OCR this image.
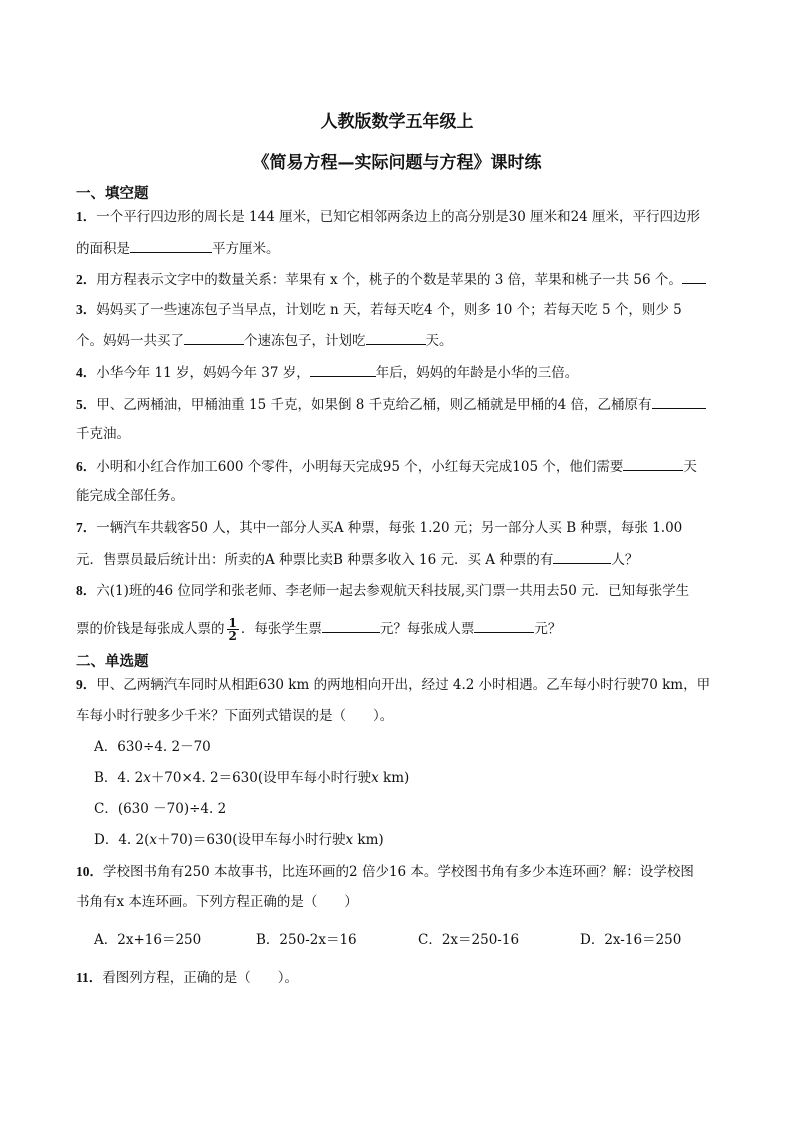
人教版数学五年级上
《简易方程—实际问题与方程》课时练
一、填空题
1．一个平行四边形的周长是 144 厘米，已知它相邻两条边上的高分别是30 厘米和24 厘米，平行四边形
的面积是	平方厘米。
2．用方程表示文字中的数量关系：苹果有 x 个，桃子的个数是苹果的 3 倍，苹果和桃子一共 56 个。
3．妈妈买了一些速冻包子当早点，计划吃 n 天，若每天吃4 个，则多 10 个；若每天吃 5 个，则少 5
个。妈妈一共买了	个速冻包子，计划吃	天。
4．小华今年 11 岁，妈妈今年 37 岁，	年后，妈妈的年龄是小华的三倍。
5．甲、乙两桶油，甲桶油重 15 千克，如果倒 8 千克给乙桶，则乙桶就是甲桶的4 倍，乙桶原有
千克油。
6．小明和小红合作加工600 个零件，小明每天完成95 个，小红每天完成105 个，他们需要	天
能完成全部任务。
7．一辆汽车共载客50 人，其中一部分人买A 种票，每张 1.20 元；另一部分人买 B 种票，每张 1.00
元．售票员最后统计出：所卖的A 种票比卖B 种票多收入 16 元．买 A 种票的有	人？
8．六(1)班的46 位同学和张老师、李老师一起去参观航天科技展,买门票一共用去50 元．已知每张学生
票的价钱是每张成人票的 $\frac{1}{2}$ ．每张学生票	元？每张成人票	元？
二、单选题
9．甲、乙两辆汽车同时从相距630 km 的两地相向开出，经过 4.2 小时相遇。乙车每小时行驶70 km，甲
车每小时行驶多少千米？下面列式错误的是（　　）。
A．630÷4. 2－70
B．4. 2x＋70×4. 2＝630(设甲车每小时行驶x km)
C．(630 －70)÷4. 2
D．4. 2(x＋70)＝630(设甲车每小时行驶x km)
10．学校图书角有250 本故事书，比连环画的2 倍少16 本。学校图书角有多少本连环画？解：设学校图
书角有x 本连环画。下列方程正确的是（　　）
A．2x+16＝250	B．250-2x＝16	C．2x＝250-16	D．2x-16＝250
11．看图列方程，正确的是（　　）。
